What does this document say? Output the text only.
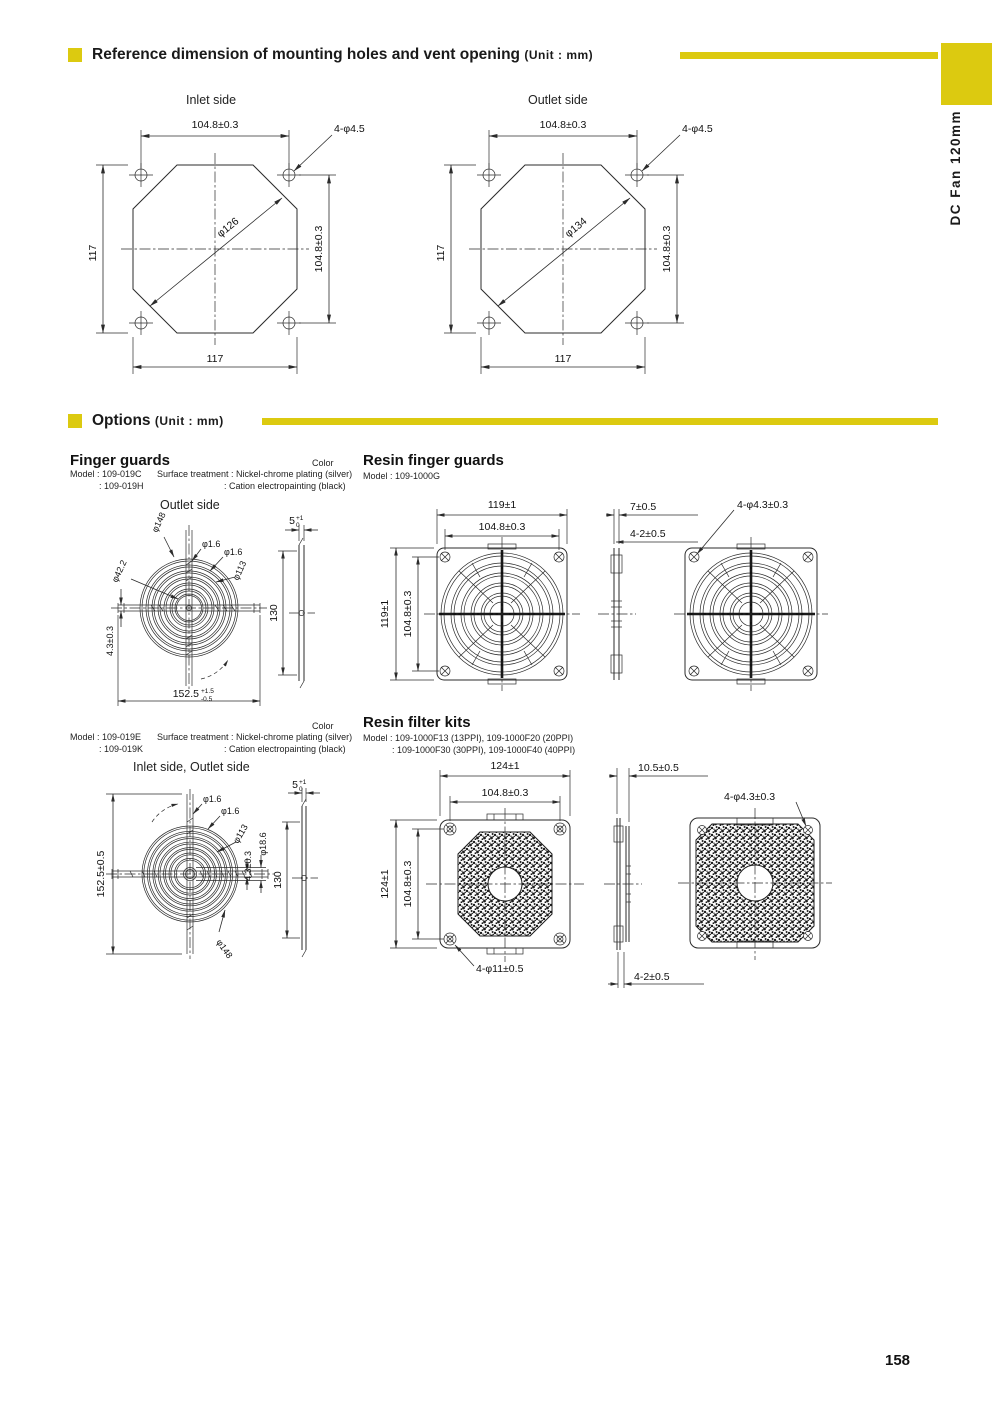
Reference dimension of mounting holes and vent opening (Unit : mm)
Inlet side	Outlet side
104.8±0.3	4-φ4.5
117	104.8±0.3
117
φ126
104.8±0.3	4-φ4.5
117	104.8±0.3
117
φ134
Options (Unit : mm)
Finger guards	Color
Model : 109-019C
: 109-019H
Surface treatment : Nickel-chrome plating (silver)
: Cation electropainting (black)
Outlet side
φ148
φ1.6
φ1.6
φ113
φ42.2
4.3±0.3
152.5 +1.5
-0.5
5 +1
0
130
Color
Model : 109-019E
: 109-019K
Surface treatment : Nickel-chrome plating (silver)
: Cation electropainting (black)
Inlet side, Outlet side
152.5±0.5
φ1.6
φ1.6
φ113
4.3±0.3
φ18.6
φ148
5 +1
0
130
Resin finger guards
Model : 109-1000G
119±1
104.8±0.3
119±1 104.8±0.3
7±0.5
4-2±0.5
4-φ4.3±0.3
Resin filter kits
Model : 109-1000F13 (13PPI), 109-1000F20 (20PPI)
: 109-1000F30 (30PPI), 109-1000F40 (40PPI)
124±1
104.8±0.3
124±1 104.8±0.3
4-φ11±0.5
10.5±0.5
4-2±0.5
4-φ4.3±0.3
DC Fan 120mm
158
